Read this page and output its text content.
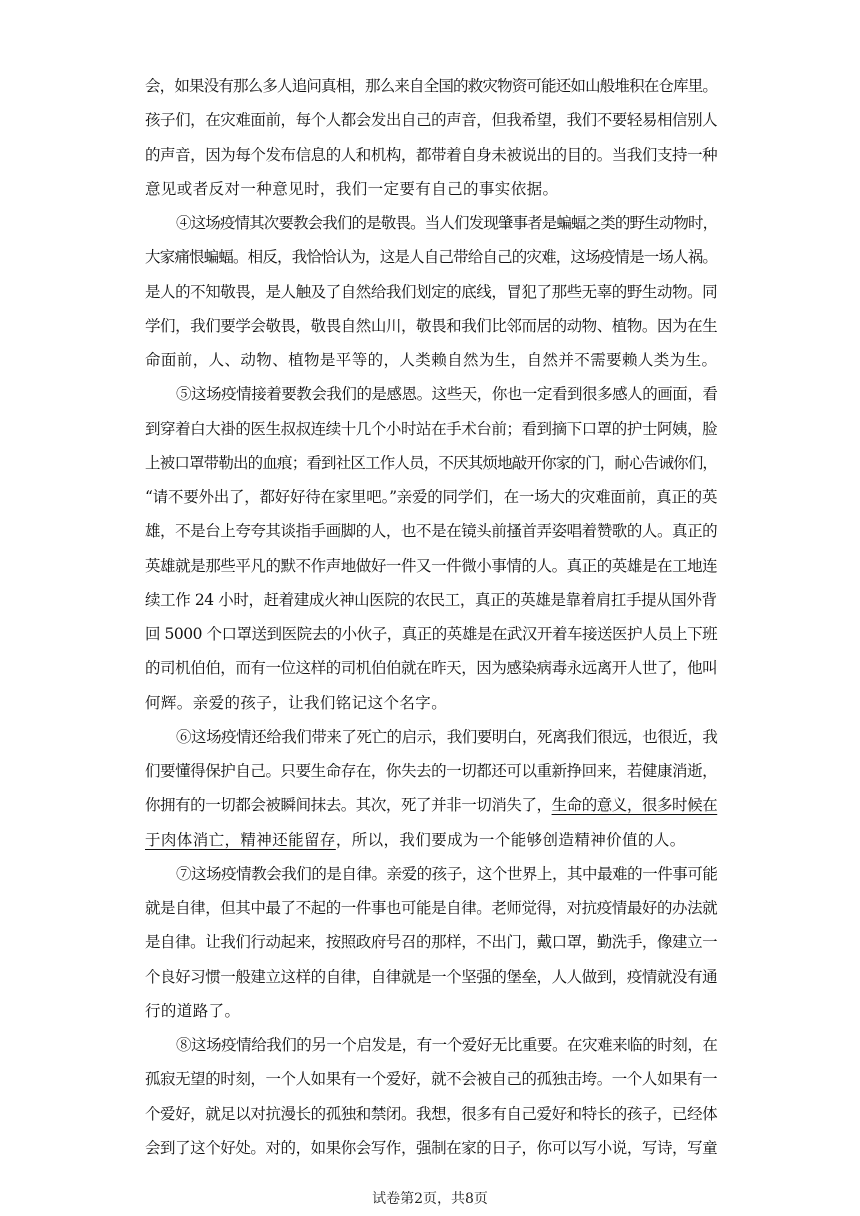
会，如果没有那么多人追问真相，那么来自全国的救灾物资可能还如山般堆积在仓库里。
孩子们，在灾难面前，每个人都会发出自己的声音，但我希望，我们不要轻易相信别人
的声音，因为每个发布信息的人和机构，都带着自身未被说出的目的。当我们支持一种
意见或者反对一种意见时，我们一定要有自己的事实依据。
④这场疫情其次要教会我们的是敬畏。当人们发现肇事者是蝙蝠之类的野生动物时，
大家痛恨蝙蝠。相反，我恰恰认为，这是人自己带给自己的灾难，这场疫情是一场人祸。
是人的不知敬畏，是人触及了自然给我们划定的底线，冒犯了那些无辜的野生动物。同
学们，我们要学会敬畏，敬畏自然山川，敬畏和我们比邻而居的动物、植物。因为在生
命面前，人、动物、植物是平等的，人类赖自然为生，自然并不需要赖人类为生。
⑤这场疫情接着要教会我们的是感恩。这些天，你也一定看到很多感人的画面，看
到穿着白大褂的医生叔叔连续十几个小时站在手术台前；看到摘下口罩的护士阿姨，脸
上被口罩带勒出的血痕；看到社区工作人员，不厌其烦地敲开你家的门，耐心告诫你们，
“请不要外出了，都好好待在家里吧。”亲爱的同学们，在一场大的灾难面前，真正的英
雄，不是台上夸夸其谈指手画脚的人，也不是在镜头前搔首弄姿唱着赞歌的人。真正的
英雄就是那些平凡的默不作声地做好一件又一件微小事情的人。真正的英雄是在工地连
续工作 24 小时，赶着建成火神山医院的农民工，真正的英雄是靠着肩扛手提从国外背
回 5000 个口罩送到医院去的小伙子，真正的英雄是在武汉开着车接送医护人员上下班
的司机伯伯，而有一位这样的司机伯伯就在昨天，因为感染病毒永远离开人世了，他叫
何辉。亲爱的孩子，让我们铭记这个名字。
⑥这场疫情还给我们带来了死亡的启示，我们要明白，死离我们很远，也很近，我
们要懂得保护自己。只要生命存在，你失去的一切都还可以重新挣回来，若健康消逝，
你拥有的一切都会被瞬间抹去。其次，死了并非一切消失了，生命的意义，很多时候在
于肉体消亡，精神还能留存，所以，我们要成为一个能够创造精神价值的人。
⑦这场疫情教会我们的是自律。亲爱的孩子，这个世界上，其中最难的一件事可能
就是自律，但其中最了不起的一件事也可能是自律。老师觉得，对抗疫情最好的办法就
是自律。让我们行动起来，按照政府号召的那样，不出门，戴口罩，勤洗手，像建立一
个良好习惯一般建立这样的自律，自律就是一个坚强的堡垒，人人做到，疫情就没有通
行的道路了。
⑧这场疫情给我们的另一个启发是，有一个爱好无比重要。在灾难来临的时刻，在
孤寂无望的时刻，一个人如果有一个爱好，就不会被自己的孤独击垮。一个人如果有一
个爱好，就足以对抗漫长的孤独和禁闭。我想，很多有自己爱好和特长的孩子，已经体
会到了这个好处。对的，如果你会写作，强制在家的日子，你可以写小说，写诗，写童
试卷第2页，共8页
